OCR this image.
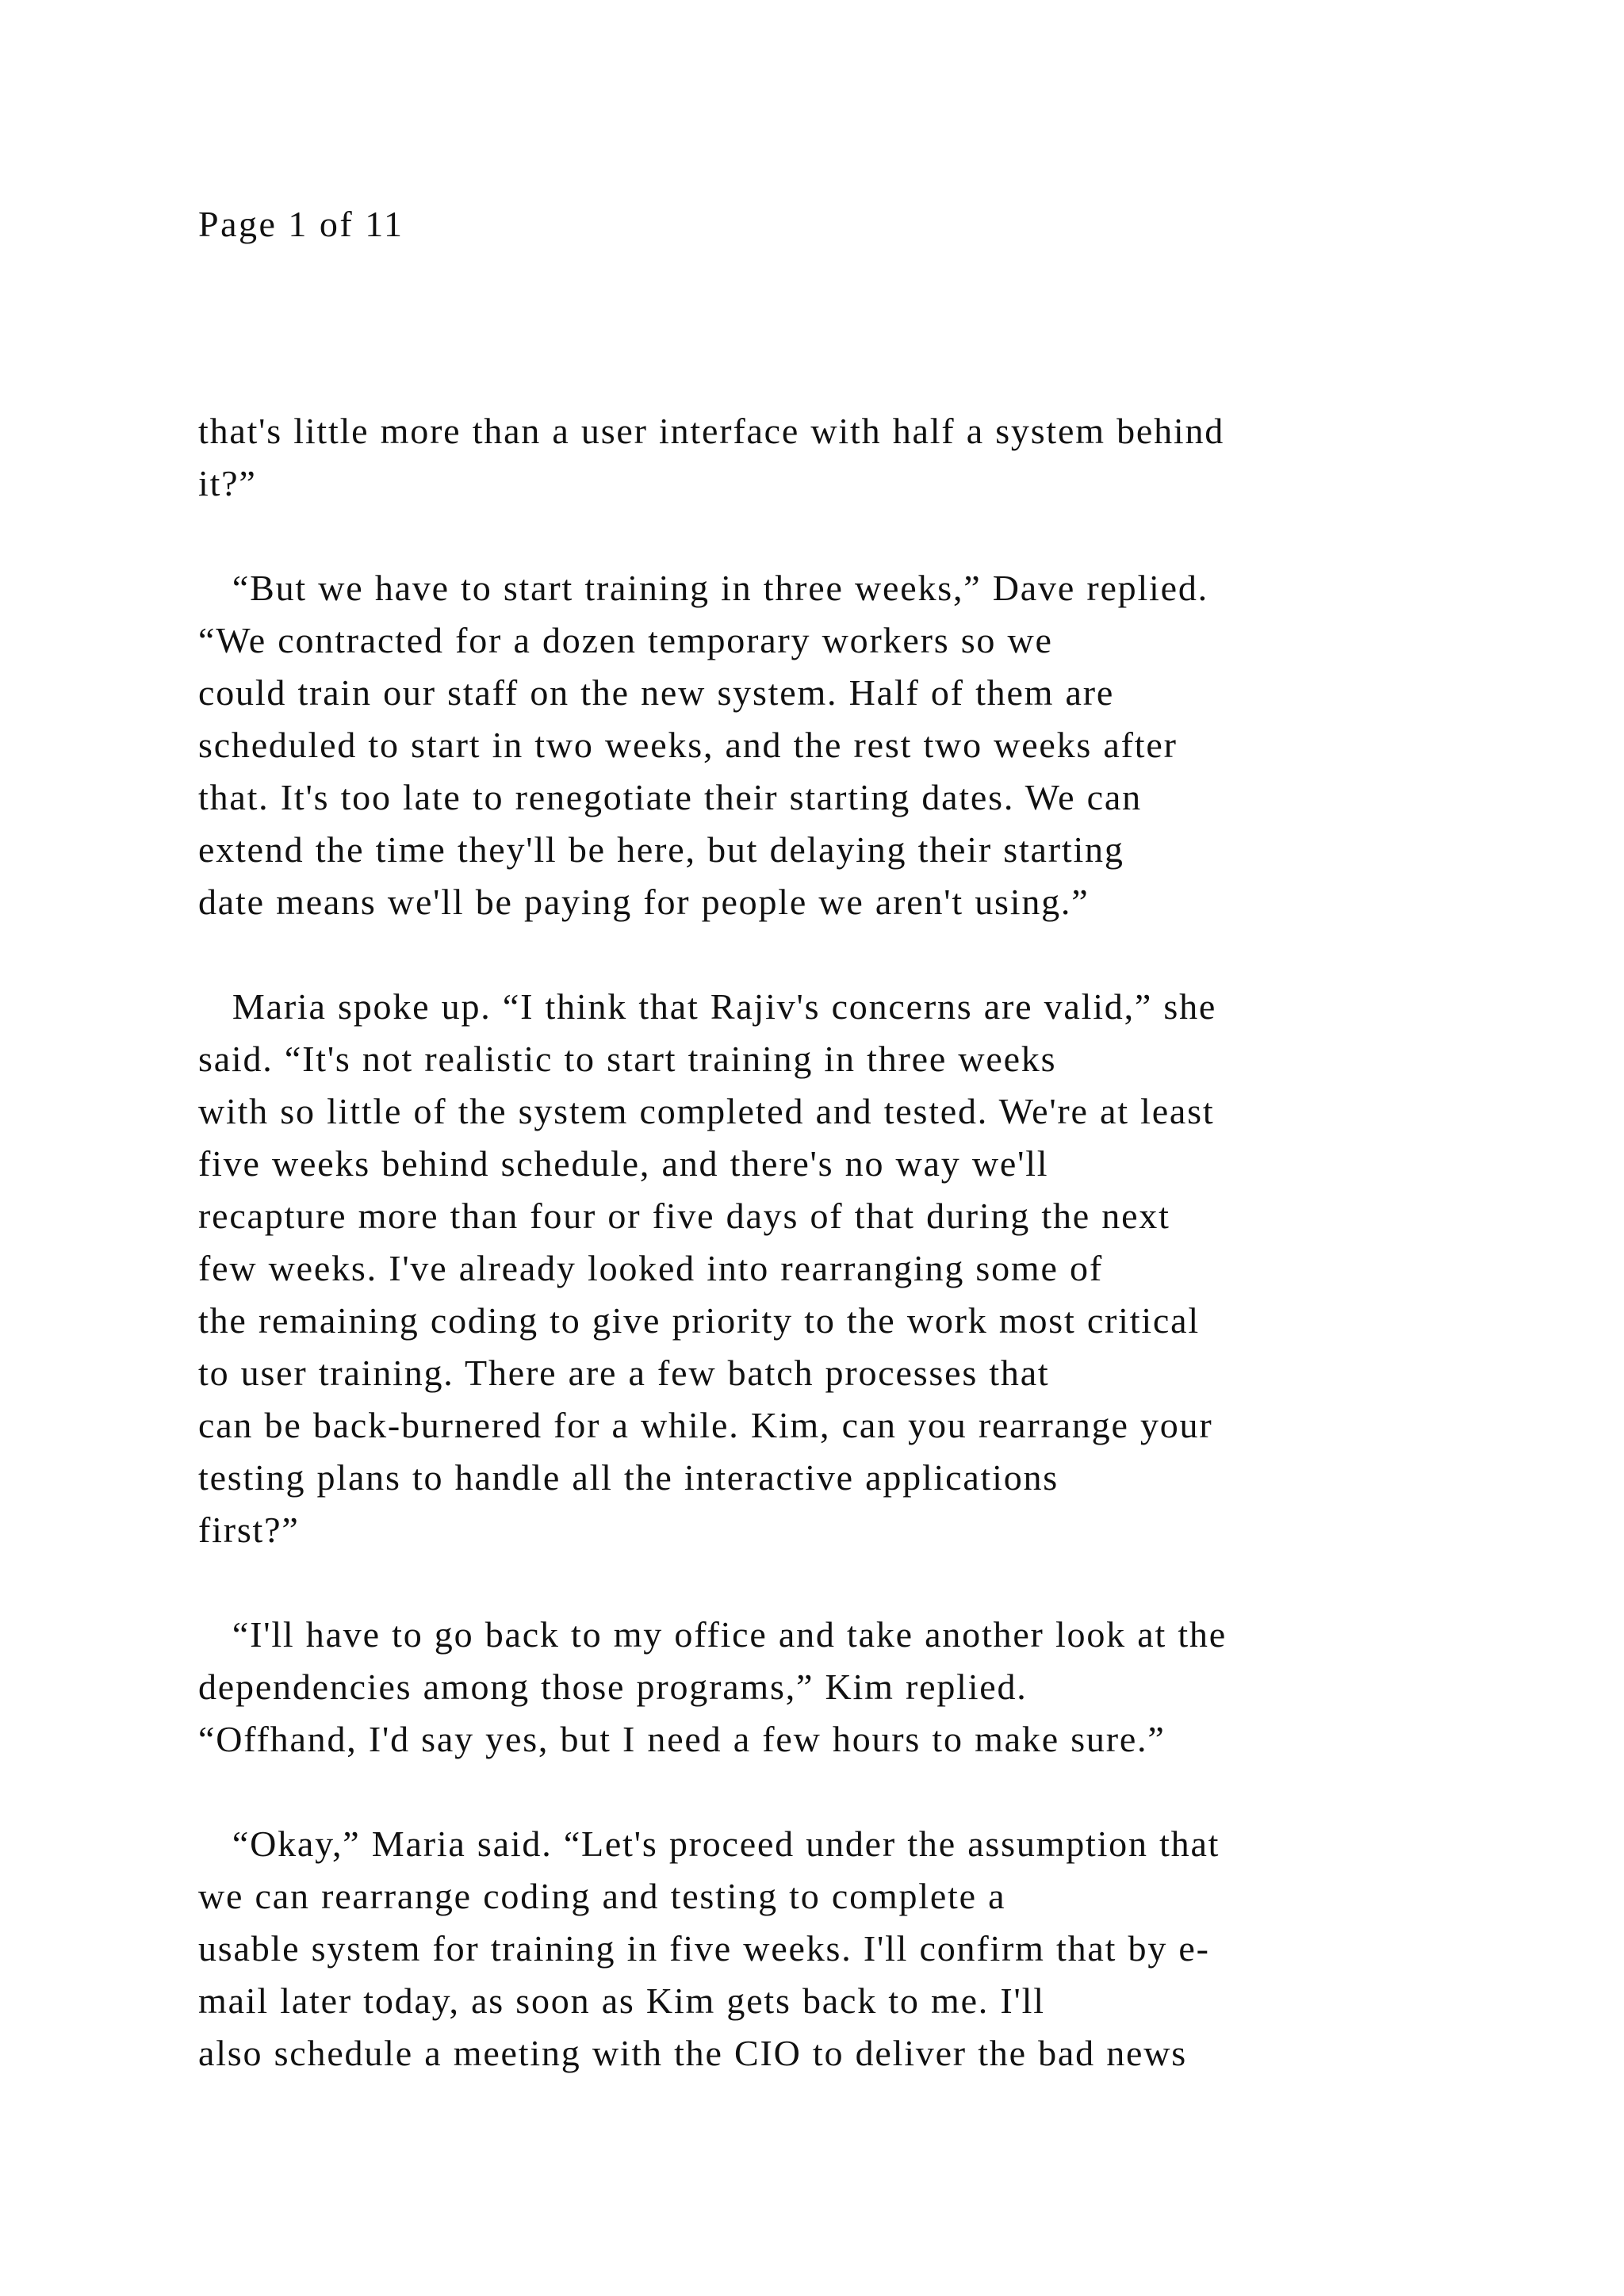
Page 1 of 11

that's little more than a user interface with half a system behind
it?”

“But we have to start training in three weeks,” Dave replied.
“We contracted for a dozen temporary workers so we
could train our staff on the new system. Half of them are
scheduled to start in two weeks, and the rest two weeks after
that. It's too late to renegotiate their starting dates. We can
extend the time they'll be here, but delaying their starting
date means we'll be paying for people we aren't using.”

Maria spoke up. “I think that Rajiv's concerns are valid,” she
said. “It's not realistic to start training in three weeks
with so little of the system completed and tested. We're at least
five weeks behind schedule, and there's no way we'll
recapture more than four or five days of that during the next
few weeks. I've already looked into rearranging some of
the remaining coding to give priority to the work most critical
to user training. There are a few batch processes that
can be back-burnered for a while. Kim, can you rearrange your
testing plans to handle all the interactive applications
first?”

“I'll have to go back to my office and take another look at the
dependencies among those programs,” Kim replied.
“Offhand, I'd say yes, but I need a few hours to make sure.”

“Okay,” Maria said. “Let's proceed under the assumption that
we can rearrange coding and testing to complete a
usable system for training in five weeks. I'll confirm that by e-
mail later today, as soon as Kim gets back to me. I'll
also schedule a meeting with the CIO to deliver the bad news
